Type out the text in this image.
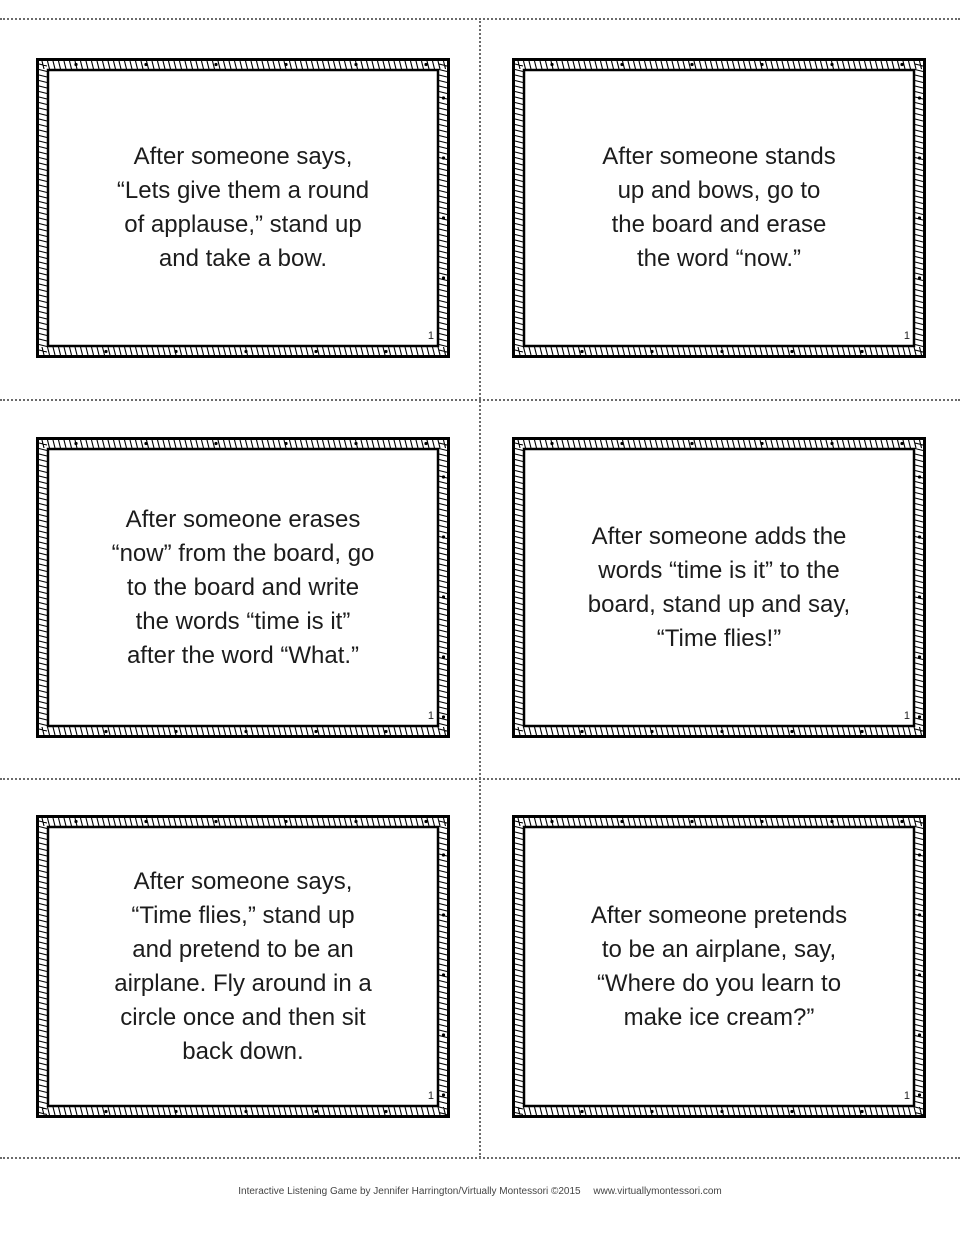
After someone says,
“Lets give them a round
of applause,” stand up
and take a bow.
1
After someone stands
up and bows, go to
the board and erase
the word “now.”
1
After someone erases
“now” from the board, go
to the board and write
the words “time is it”
after the word “What.”
1
After someone adds the
words “time is it” to the
board, stand up and say,
“Time flies!”
1
After someone says,
“Time flies,” stand up
and pretend to be an
airplane. Fly around in a
circle once and then sit
back down.
1
After someone pretends
to be an airplane, say,
“Where do you learn to
make ice cream?”
1
Interactive Listening Game by Jennifer Harrington/Virtually Montessori ©2015 www.virtuallymontessori.com
